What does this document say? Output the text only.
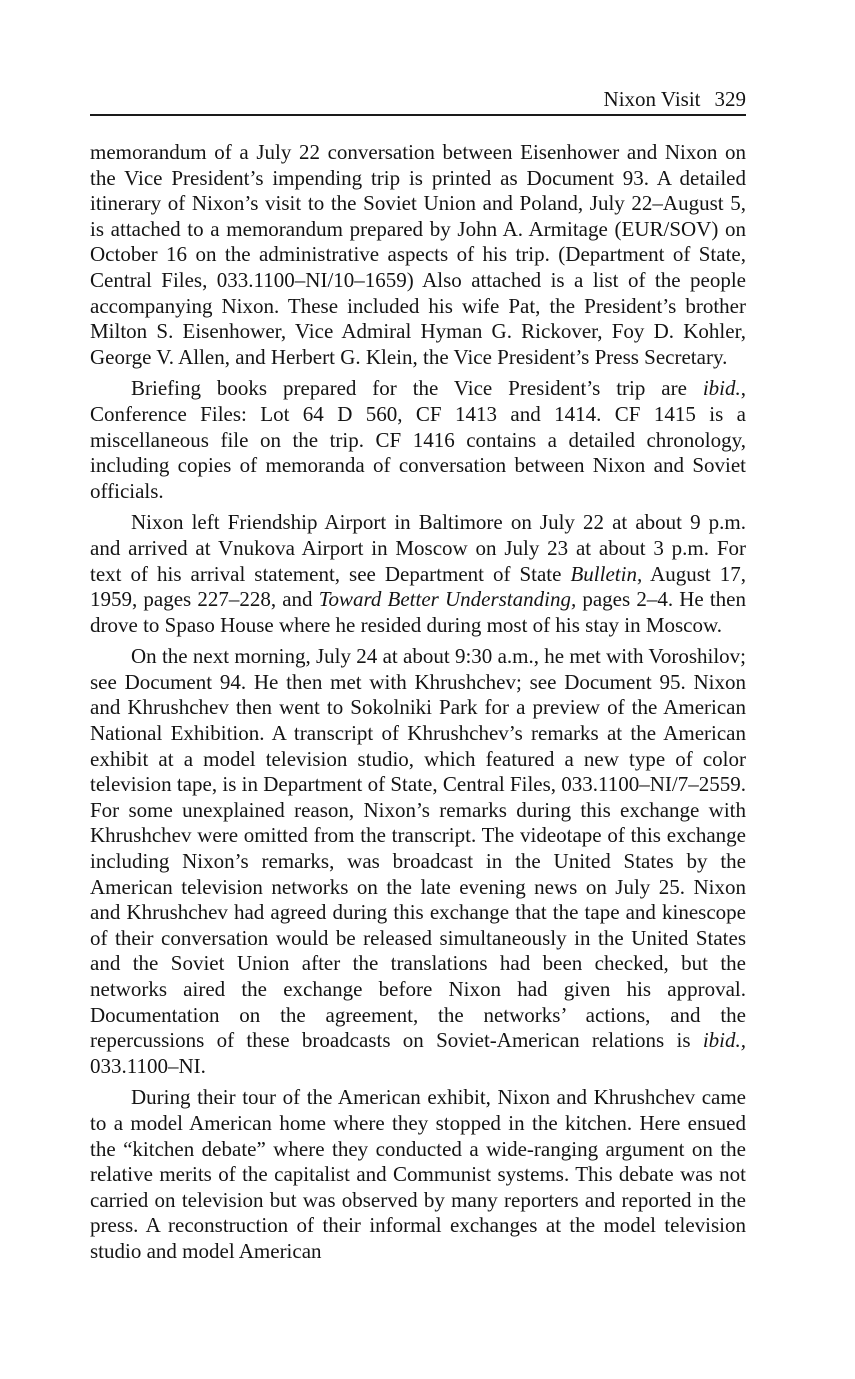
Nixon Visit 329

memorandum of a July 22 conversation between Eisenhower and Nixon on the Vice President’s impending trip is printed as Document 93. A detailed itinerary of Nixon’s visit to the Soviet Union and Poland, July 22–August 5, is attached to a memorandum prepared by John A. Armitage (EUR/SOV) on October 16 on the administrative aspects of his trip. (Department of State, Central Files, 033.1100–NI/10–1659) Also attached is a list of the people accompanying Nixon. These included his wife Pat, the President’s brother Milton S. Eisenhower, Vice Admiral Hyman G. Rickover, Foy D. Kohler, George V. Allen, and Herbert G. Klein, the Vice President’s Press Secretary.

Briefing books prepared for the Vice President’s trip are ibid., Conference Files: Lot 64 D 560, CF 1413 and 1414. CF 1415 is a miscellaneous file on the trip. CF 1416 contains a detailed chronology, including copies of memoranda of conversation between Nixon and Soviet officials.

Nixon left Friendship Airport in Baltimore on July 22 at about 9 p.m. and arrived at Vnukova Airport in Moscow on July 23 at about 3 p.m. For text of his arrival statement, see Department of State Bulletin, August 17, 1959, pages 227–228, and Toward Better Understanding, pages 2–4. He then drove to Spaso House where he resided during most of his stay in Moscow.

On the next morning, July 24 at about 9:30 a.m., he met with Voroshilov; see Document 94. He then met with Khrushchev; see Document 95. Nixon and Khrushchev then went to Sokolniki Park for a preview of the American National Exhibition. A transcript of Khrushchev’s remarks at the American exhibit at a model television studio, which featured a new type of color television tape, is in Department of State, Central Files, 033.1100–NI/7–2559. For some unexplained reason, Nixon’s remarks during this exchange with Khrushchev were omitted from the transcript. The videotape of this exchange including Nixon’s remarks, was broadcast in the United States by the American television networks on the late evening news on July 25. Nixon and Khrushchev had agreed during this exchange that the tape and kinescope of their conversation would be released simultaneously in the United States and the Soviet Union after the translations had been checked, but the networks aired the exchange before Nixon had given his approval. Documentation on the agreement, the networks’ actions, and the repercussions of these broadcasts on Soviet-American relations is ibid., 033.1100–NI.

During their tour of the American exhibit, Nixon and Khrushchev came to a model American home where they stopped in the kitchen. Here ensued the “kitchen debate” where they conducted a wide-ranging argument on the relative merits of the capitalist and Communist systems. This debate was not carried on television but was observed by many reporters and reported in the press. A reconstruction of their informal exchanges at the model television studio and model American
